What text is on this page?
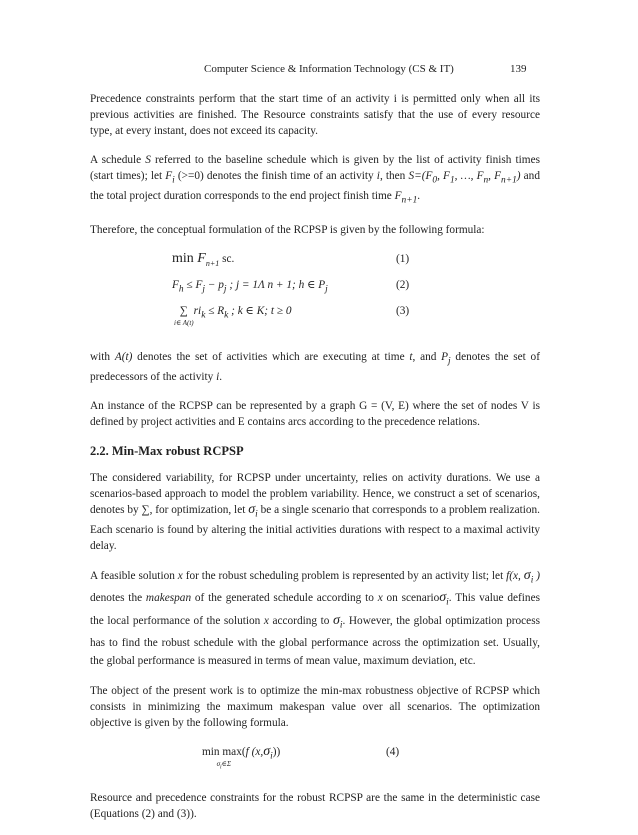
Computer Science & Information Technology (CS & IT)	139

Precedence constraints perform that the start time of an activity i is permitted only when all its previous activities are finished. The Resource constraints satisfy that the use of every resource type, at every instant, does not exceed its capacity.

A schedule S referred to the baseline schedule which is given by the list of activity finish times (start times); let $F_i$ (>=0) denotes the finish time of an activity i, then $S=(F_0$, $F_1$, …, $F_n$, $F_{n+1}$) and the total project duration corresponds to the end project finish time $F_{n+1}$.

Therefore, the conceptual formulation of the RCPSP is given by the following formula:

$\min F_{n+1}$ sc.	(1)
$F_h \le F_j - p_j$ ; j = 1Λ n + 1; h ∈ $P_j$	(2)
∑
i∈ A(t)
$ri_k \le R_k$ ; k ∈ K; t ≥ 0	(3)

with A(t) denotes the set of activities which are executing at time t, and $P_j$ denotes the set of predecessors of the activity i.

An instance of the RCPSP can be represented by a graph G = (V, E) where the set of nodes V is defined by project activities and E contains arcs according to the precedence relations.

2.2. Min-Max robust RCPSP

The considered variability, for RCPSP under uncertainty, relies on activity durations. We use a scenarios-based approach to model the problem variability. Hence, we construct a set of scenarios, denotes by ∑, for optimization, let $\sigma_i$ be a single scenario that corresponds to a problem realization. Each scenario is found by altering the initial activities durations with respect to a maximal activity delay.

A feasible solution x for the robust scheduling problem is represented by an activity list; let f(x, $\sigma_i$ ) denotes the makespan of the generated schedule according to x on scenarioσ$_i$. This value defines the local performance of the solution x according to $\sigma_i$. However, the global optimization process has to find the robust schedule with the global performance across the optimization set. Usually, the global performance is measured in terms of mean value, maximum deviation, etc.

The object of the present work is to optimize the min-max robustness objective of RCPSP which consists in minimizing the maximum makespan value over all scenarios. The optimization objective is given by the following formula.

min max(
$\sigma_i\in\Sigma$
f $(x,\sigma_i)$)	(4)

Resource and precedence constraints for the robust RCPSP are the same in the deterministic case (Equations (2) and (3)).
